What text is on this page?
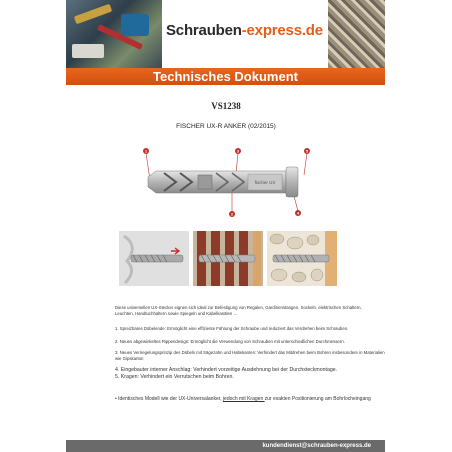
Schrauben-express.de
Technisches Dokument
VS1238
FISCHER UX-R ANKER (02/2015)
fischer UX
1
2
3
4
5
Diese universellen UX-Stecker eignen sich ideal zur Befestigung von Regalen, Gardinenstangen, Sockeln, elektrischen Schaltern, Leuchten, Handtuchhaltern sowie Spiegeln und Kabelkanälen ...
1. Spreizbares Dübelende: Ermöglicht eine effiziente Führung der Schraube und reduziert das Verdrehen beim Schrauben.
2. Neues abgewinkeltes Rippendesign: Ermöglicht die Verwendung von Schrauben mit unterschiedlichen Durchmessern.
3. Neues Verriegelungsprinzip des Dübels mit Sägezahn und Haltekanten: Verhindert das Mitdrehen beim Bohren insbesondere in Materialien wie Gipskarton
4. Eingebauter interner Anschlag: Verhindert vorzeitige Ausdehnung bei der Durchsteckmontage.
5. Kragen: Verhindert ein Verrutschen beim Bohren.
• Identisches Modell wie der UX-Universalanker, jedoch mit Kragen zur exakten Positionierung am Bohrlocheingang
kundendienst@schrauben-express.de
